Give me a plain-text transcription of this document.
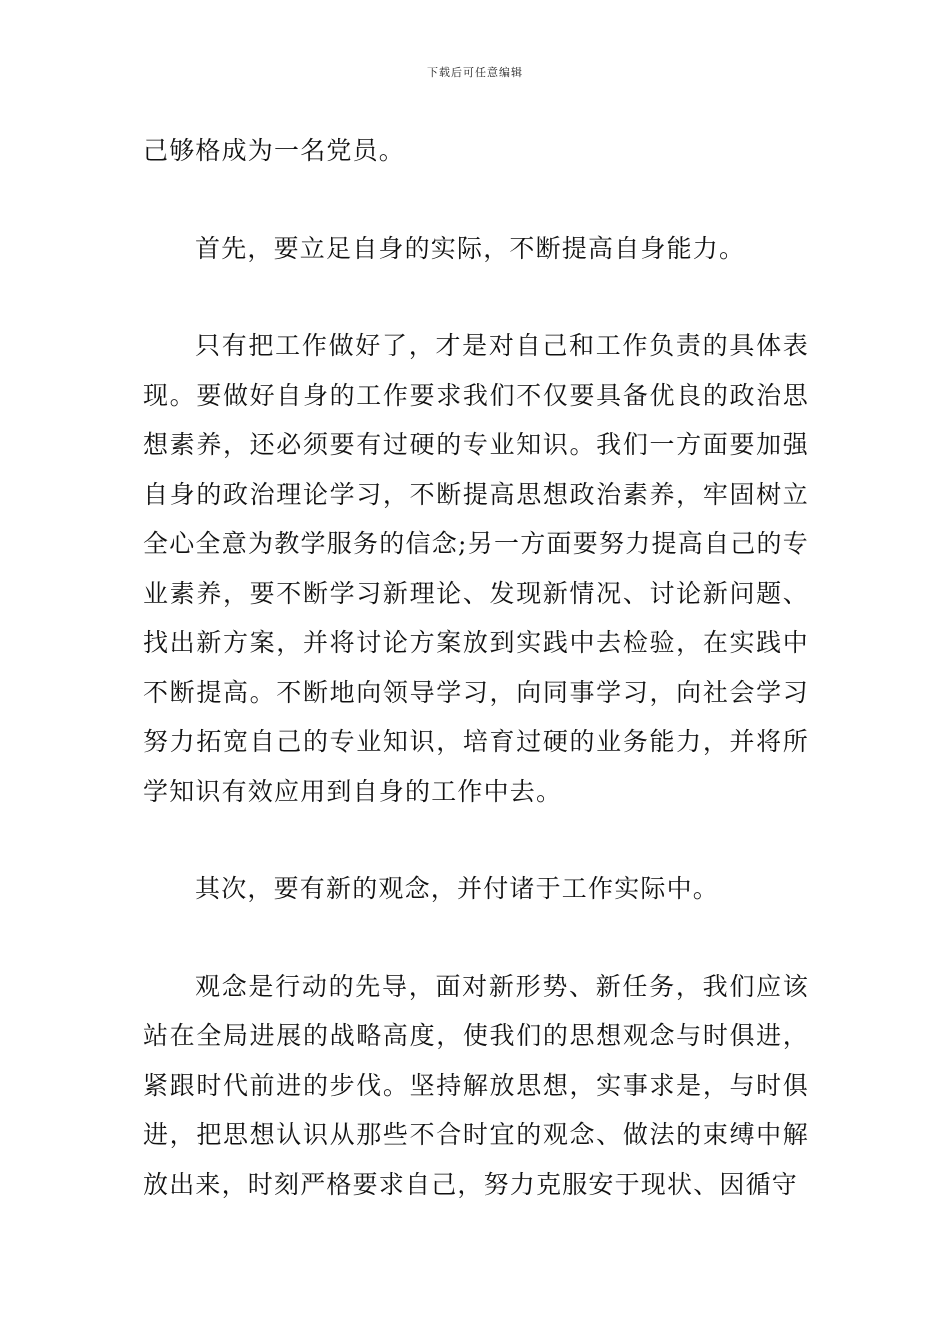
下载后可任意编辑

己够格成为一名党员。

首先，要立足自身的实际，不断提高自身能力。

只有把工作做好了，才是对自己和工作负责的具体表现。要做好自身的工作要求我们不仅要具备优良的政治思想素养，还必须要有过硬的专业知识。我们一方面要加强自身的政治理论学习，不断提高思想政治素养，牢固树立全心全意为教学服务的信念;另一方面要努力提高自己的专业素养，要不断学习新理论、发现新情况、讨论新问题、找出新方案，并将讨论方案放到实践中去检验，在实践中不断提高。不断地向领导学习，向同事学习，向社会学习努力拓宽自己的专业知识，培育过硬的业务能力，并将所学知识有效应用到自身的工作中去。

其次，要有新的观念，并付诸于工作实际中。

观念是行动的先导，面对新形势、新任务，我们应该站在全局进展的战略高度，使我们的思想观念与时俱进，紧跟时代前进的步伐。坚持解放思想，实事求是，与时俱进，把思想认识从那些不合时宜的观念、做法的束缚中解放出来，时刻严格要求自己，努力克服安于现状、因循守
